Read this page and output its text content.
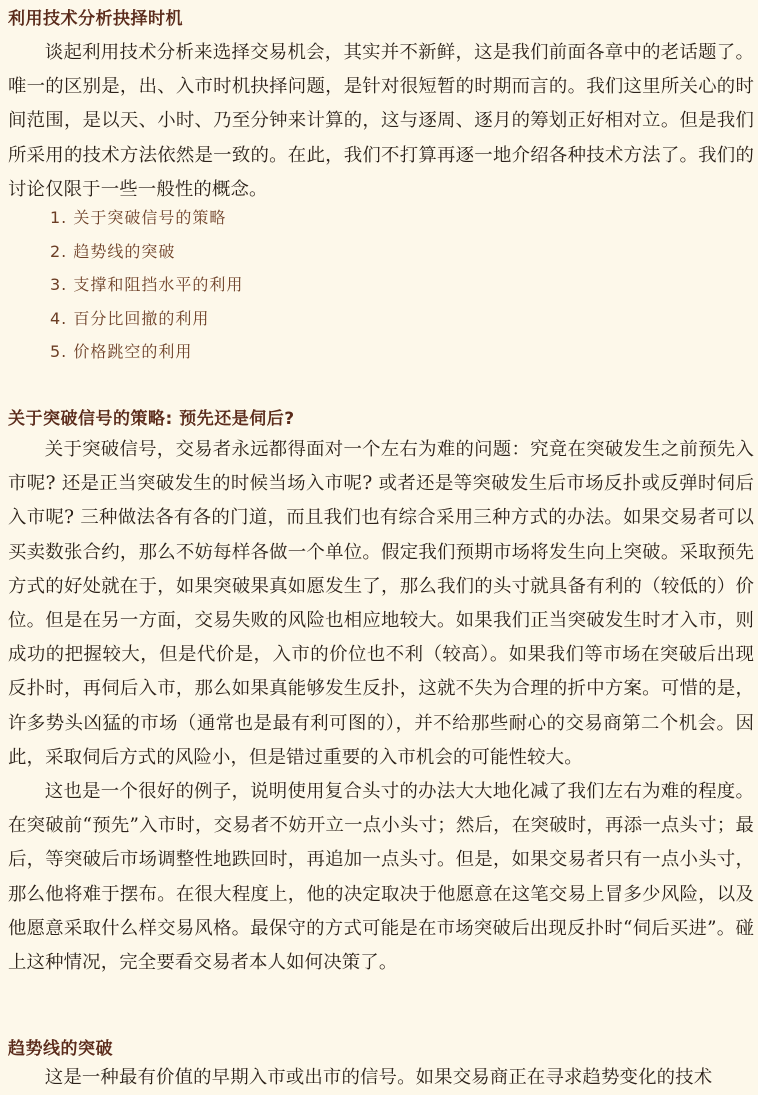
利用技术分析抉择时机
谈起利用技术分析来选择交易机会，其实并不新鲜，这是我们前面各章中的老话题了。唯一的区别是，出、入市时机抉择问题，是针对很短暂的时期而言的。我们这里所关心的时间范围，是以天、小时、乃至分钟来计算的，这与逐周、逐月的筹划正好相对立。但是我们所采用的技术方法依然是一致的。在此，我们不打算再逐一地介绍各种技术方法了。我们的讨论仅限于一些一般性的概念。
1. 关于突破信号的策略
2. 趋势线的突破
3. 支撑和阻挡水平的利用
4. 百分比回撤的利用
5. 价格跳空的利用
关于突破信号的策略: 预先还是伺后?
关于突破信号，交易者永远都得面对一个左右为难的问题：究竟在突破发生之前预先入市呢? 还是正当突破发生的时候当场入市呢? 或者还是等突破发生后市场反扑或反弹时伺后入市呢? 三种做法各有各的门道，而且我们也有综合采用三种方式的办法。如果交易者可以买卖数张合约，那么不妨每样各做一个单位。假定我们预期市场将发生向上突破。采取预先方式的好处就在于，如果突破果真如愿发生了，那么我们的头寸就具备有利的（较低的）价位。但是在另一方面，交易失败的风险也相应地较大。如果我们正当突破发生时才入市，则成功的把握较大，但是代价是，入市的价位也不利（较高）。如果我们等市场在突破后出现反扑时，再伺后入市，那么如果真能够发生反扑，这就不失为合理的折中方案。可惜的是，许多势头凶猛的市场（通常也是最有利可图的），并不给那些耐心的交易商第二个机会。因此，采取伺后方式的风险小，但是错过重要的入市机会的可能性较大。
这也是一个很好的例子，说明使用复合头寸的办法大大地化减了我们左右为难的程度。在突破前“预先”入市时，交易者不妨开立一点小头寸；然后，在突破时，再添一点头寸；最后，等突破后市场调整性地跌回时，再追加一点头寸。但是，如果交易者只有一点小头寸，那么他将难于摆布。在很大程度上，他的决定取决于他愿意在这笔交易上冒多少风险，以及他愿意采取什么样交易风格。最保守的方式可能是在市场突破后出现反扑时“伺后买进”。碰上这种情况，完全要看交易者本人如何决策了。
趋势线的突破
这是一种最有价值的早期入市或出市的信号。如果交易商正在寻求趋势变化的技术
